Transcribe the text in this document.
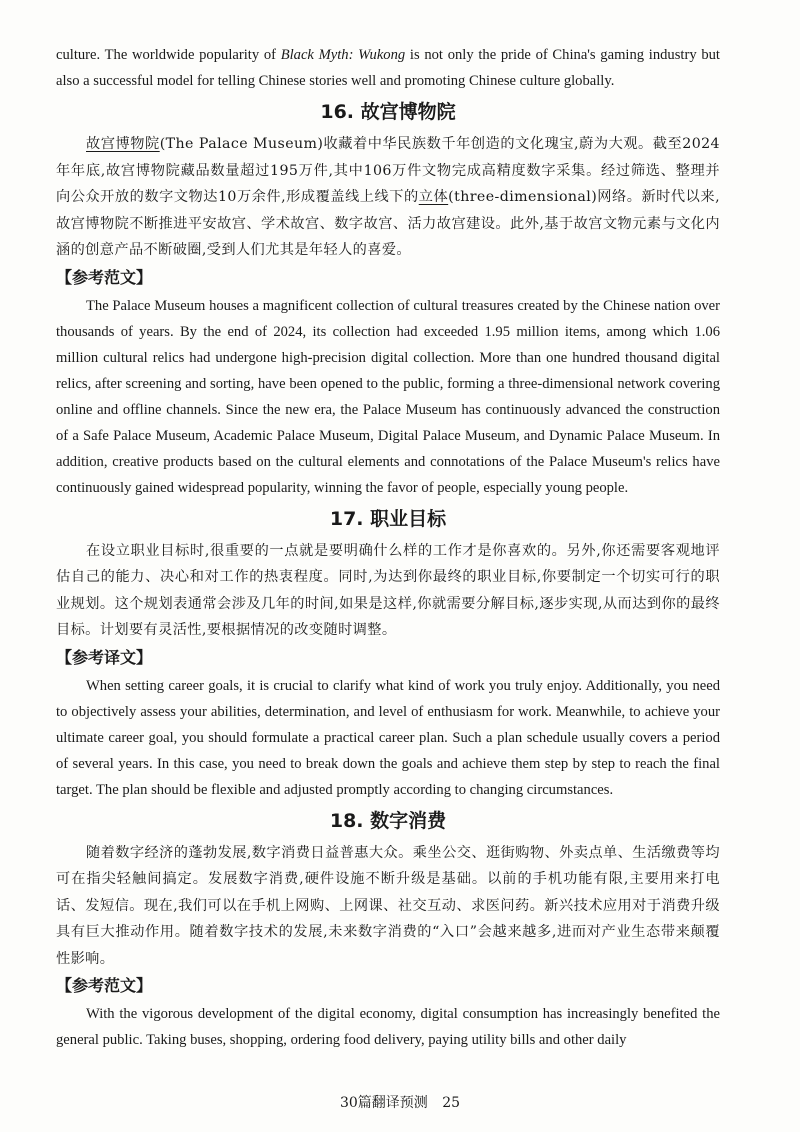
culture. The worldwide popularity of Black Myth: Wukong is not only the pride of China's gaming industry but also a successful model for telling Chinese stories well and promoting Chinese culture globally.

16. 故宫博物院

故宫博物院(The Palace Museum)收藏着中华民族数千年创造的文化瑰宝,蔚为大观。截至2024年年底,故宫博物院藏品数量超过195万件,其中106万件文物完成高精度数字采集。经过筛选、整理并向公众开放的数字文物达10万余件,形成覆盖线上线下的立体(three-dimensional)网络。新时代以来,故宫博物院不断推进平安故宫、学术故宫、数字故宫、活力故宫建设。此外,基于故宫文物元素与文化内涵的创意产品不断破圈,受到人们尤其是年轻人的喜爱。

【参考范文】

The Palace Museum houses a magnificent collection of cultural treasures created by the Chinese nation over thousands of years. By the end of 2024, its collection had exceeded 1.95 million items, among which 1.06 million cultural relics had undergone high-precision digital collection. More than one hundred thousand digital relics, after screening and sorting, have been opened to the public, forming a three-dimensional network covering online and offline channels. Since the new era, the Palace Museum has continuously advanced the construction of a Safe Palace Museum, Academic Palace Museum, Digital Palace Museum, and Dynamic Palace Museum. In addition, creative products based on the cultural elements and connotations of the Palace Museum's relics have continuously gained widespread popularity, winning the favor of people, especially young people.

17. 职业目标

在设立职业目标时,很重要的一点就是要明确什么样的工作才是你喜欢的。另外,你还需要客观地评估自己的能力、决心和对工作的热衷程度。同时,为达到你最终的职业目标,你要制定一个切实可行的职业规划。这个规划表通常会涉及几年的时间,如果是这样,你就需要分解目标,逐步实现,从而达到你的最终目标。计划要有灵活性,要根据情况的改变随时调整。

【参考译文】

When setting career goals, it is crucial to clarify what kind of work you truly enjoy. Additionally, you need to objectively assess your abilities, determination, and level of enthusiasm for work. Meanwhile, to achieve your ultimate career goal, you should formulate a practical career plan. Such a plan schedule usually covers a period of several years. In this case, you need to break down the goals and achieve them step by step to reach the final target. The plan should be flexible and adjusted promptly according to changing circumstances.

18. 数字消费

随着数字经济的蓬勃发展,数字消费日益普惠大众。乘坐公交、逛街购物、外卖点单、生活缴费等均可在指尖轻触间搞定。发展数字消费,硬件设施不断升级是基础。以前的手机功能有限,主要用来打电话、发短信。现在,我们可以在手机上网购、上网课、社交互动、求医问药。新兴技术应用对于消费升级具有巨大推动作用。随着数字技术的发展,未来数字消费的“入口”会越来越多,进而对产业生态带来颠覆性影响。

【参考范文】

With the vigorous development of the digital economy, digital consumption has increasingly benefited the general public. Taking buses, shopping, ordering food delivery, paying utility bills and other daily

30篇翻译预测 25
